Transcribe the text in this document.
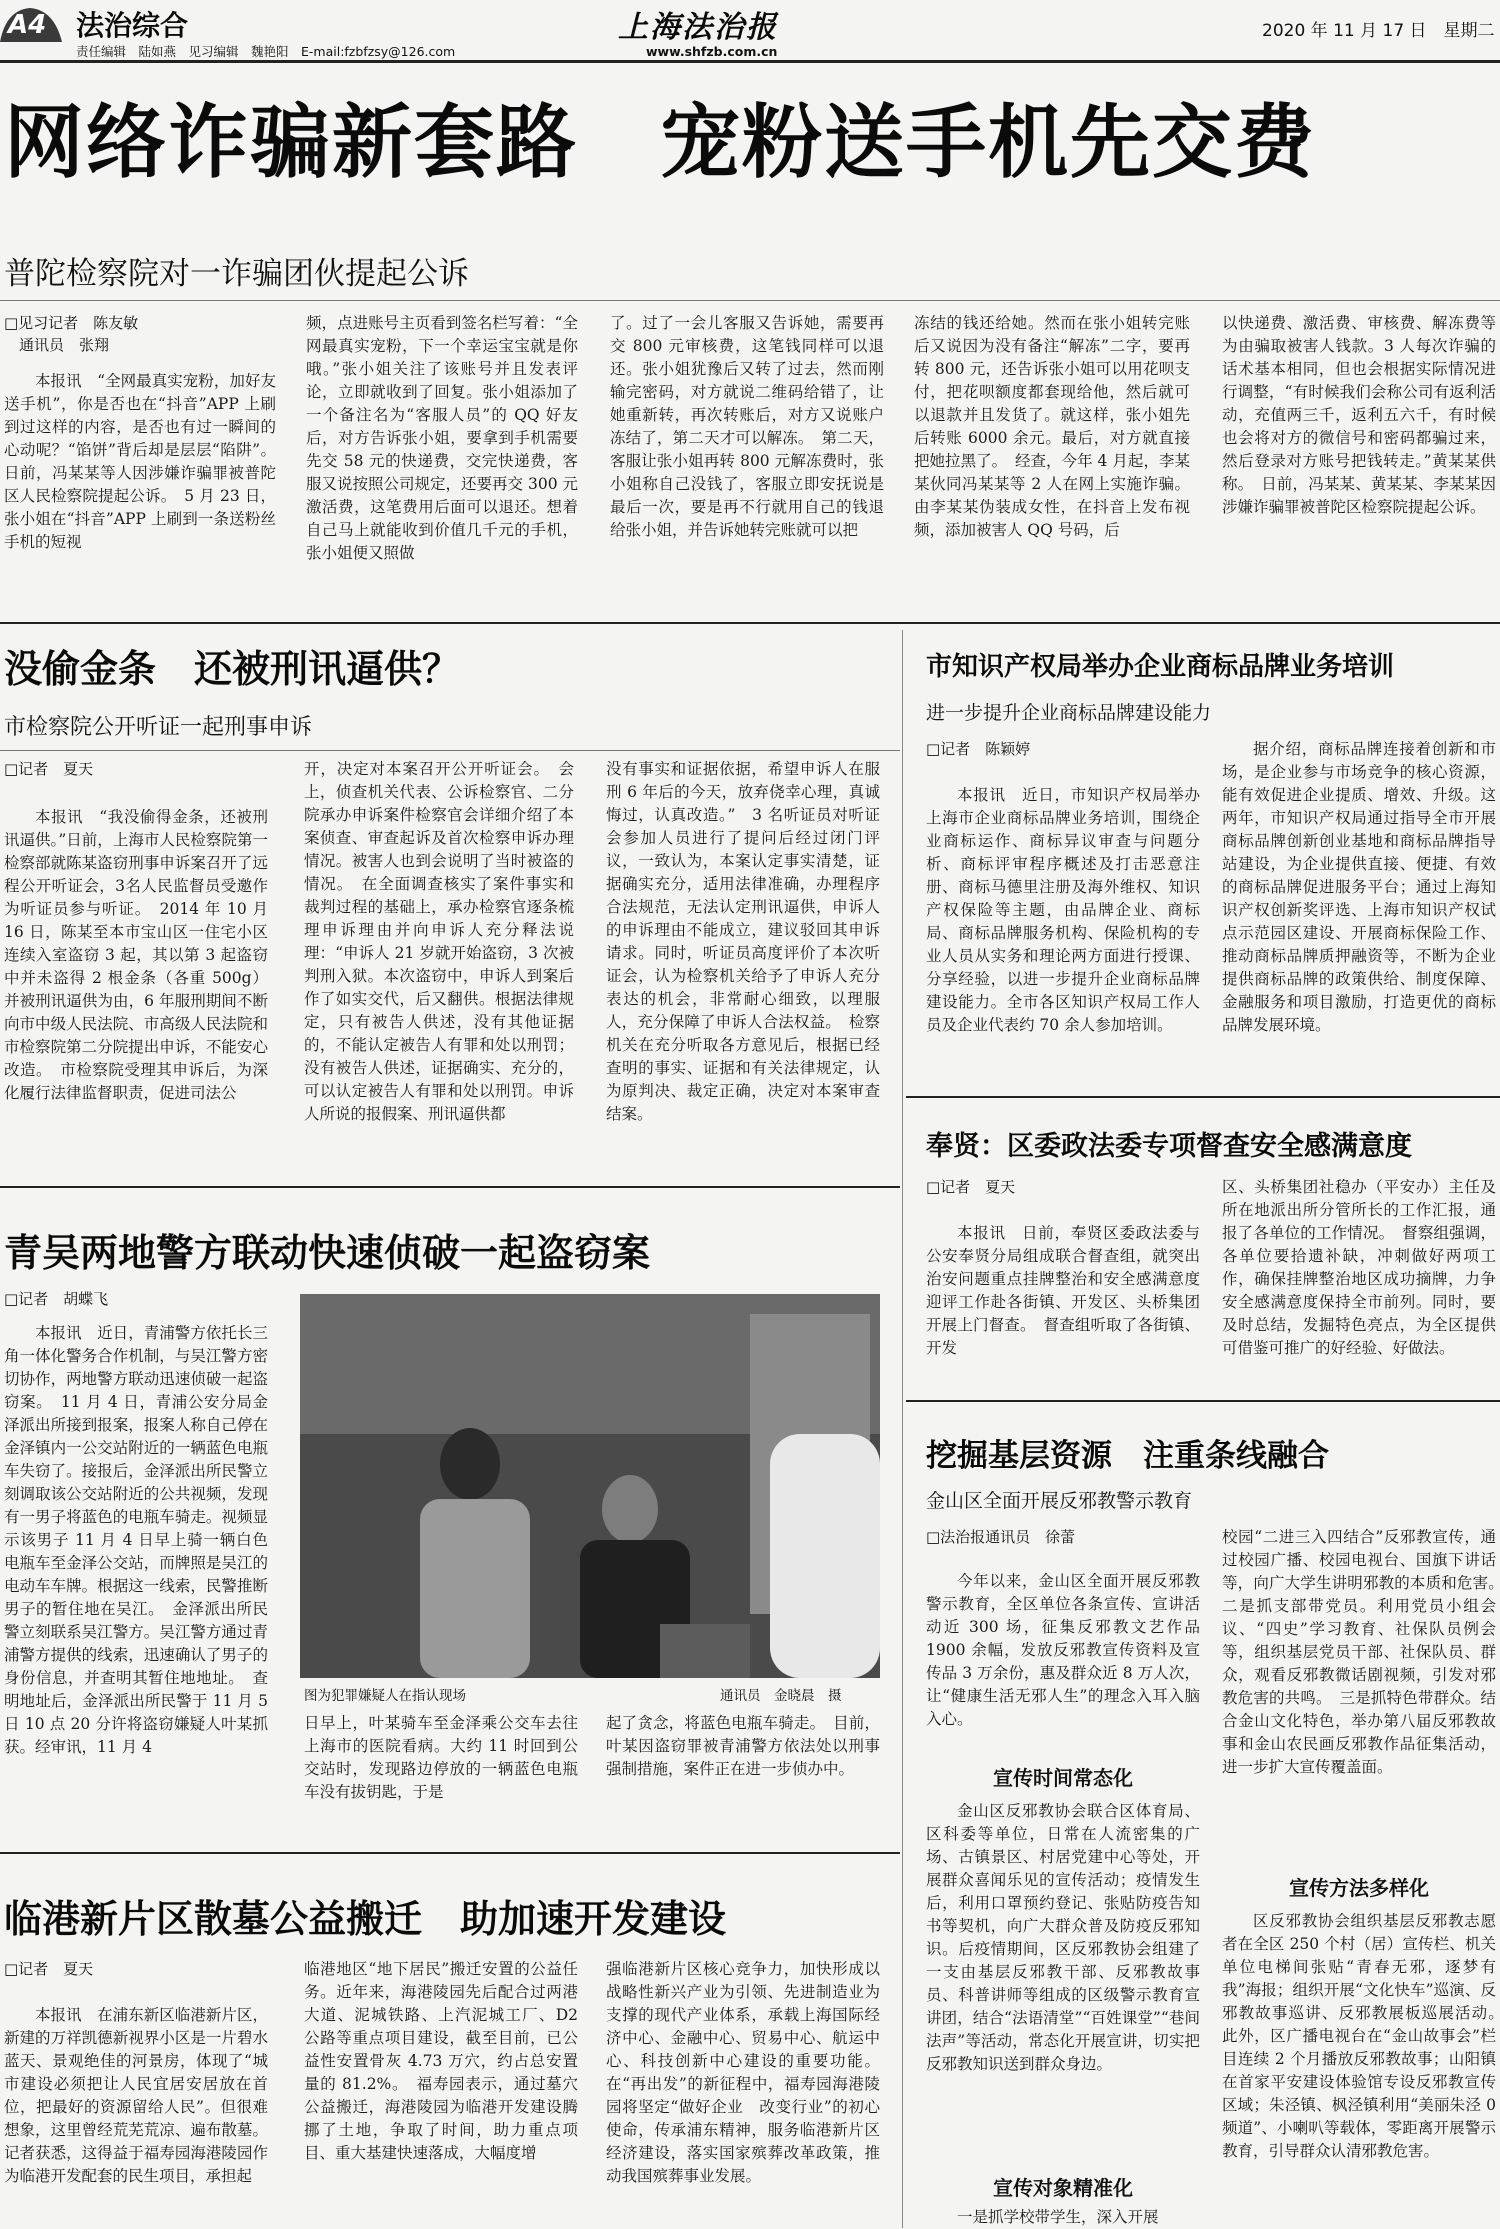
A4 法治综合
责任编辑　陆如燕　见习编辑　魏艳阳　E-mail:fzbfzsy@126.com
上海法治报
www.shfzb.com.cn
2020 年 11 月 17 日　星期二
网络诈骗新套路　宠粉送手机先交费
普陀检察院对一诈骗团伙提起公诉
□见习记者　陈友敏
　通讯员　张翔

本报讯　“全网最真实宠粉，加好友送手机”，你是否也在“抖音”APP 上刷到过这样的内容，是否也有过一瞬间的心动呢？“馅饼”背后却是层层“陷阱”。日前，冯某某等人因涉嫌诈骗罪被普陀区人民检察院提起公诉。　5 月 23 日，张小姐在“抖音”APP 上刷到一条送粉丝手机的短视

频，点进账号主页看到签名栏写着：“全网最真实宠粉，下一个幸运宝宝就是你哦。”张小姐关注了该账号并且发表评论，立即就收到了回复。张小姐添加了一个备注名为“客服人员”的 QQ 好友后，对方告诉张小姐，要拿到手机需要先交 58 元的快递费，交完快递费，客服又说按照公司规定，还要再交 300 元激活费，这笔费用后面可以退还。想着自己马上就能收到价值几千元的手机，张小姐便又照做

了。过了一会儿客服又告诉她，需要再交 800 元审核费，这笔钱同样可以退还。张小姐犹豫后又转了过去，然而刚输完密码，对方就说二维码给错了，让她重新转，再次转账后，对方又说账户冻结了，第二天才可以解冻。　第二天，客服让张小姐再转 800 元解冻费时，张小姐称自己没钱了，客服立即安抚说是最后一次，要是再不行就用自己的钱退给张小姐，并告诉她转完账就可以把

冻结的钱还给她。然而在张小姐转完账后又说因为没有备注“解冻”二字，要再转 800 元，还告诉张小姐可以用花呗支付，把花呗额度都套现给他，然后就可以退款并且发货了。就这样，张小姐先后转账 6000 余元。最后，对方就直接把她拉黑了。　经查，今年 4 月起，李某某伙同冯某某等 2 人在网上实施诈骗。由李某某伪装成女性，在抖音上发布视频，添加被害人 QQ 号码，后

以快递费、激活费、审核费、解冻费等为由骗取被害人钱款。3 人每次诈骗的话术基本相同，但也会根据实际情况进行调整，“有时候我们会称公司有返利活动，充值两三千，返利五六千，有时候也会将对方的微信号和密码都骗过来，然后登录对方账号把钱转走。”黄某某供称。　日前，冯某某、黄某某、李某某因涉嫌诈骗罪被普陀区检察院提起公诉。

没偷金条　还被刑讯逼供？
市检察院公开听证一起刑事申诉
□记者　夏天

本报讯　“我没偷得金条，还被刑讯逼供。”日前，上海市人民检察院第一检察部就陈某盗窃刑事申诉案召开了远程公开听证会，3名人民监督员受邀作为听证员参与听证。　2014 年 10 月 16 日，陈某至本市宝山区一住宅小区连续入室盗窃 3 起，其以第 3 起盗窃中并未盗得 2 根金条（各重 500g）并被刑讯逼供为由，6 年服刑期间不断向市中级人民法院、市高级人民法院和市检察院第二分院提出申诉，不能安心改造。　市检察院受理其申诉后，为深化履行法律监督职责，促进司法公

开，决定对本案召开公开听证会。　会上，侦查机关代表、公诉检察官、二分院承办申诉案件检察官会详细介绍了本案侦查、审查起诉及首次检察申诉办理情况。被害人也到会说明了当时被盗的情况。　在全面调查核实了案件事实和裁判过程的基础上，承办检察官逐条梳理申诉理由并向申诉人充分释法说理：“申诉人 21 岁就开始盗窃，3 次被判刑入狱。本次盗窃中，申诉人到案后作了如实交代，后又翻供。根据法律规定，只有被告人供述，没有其他证据的，不能认定被告人有罪和处以刑罚；没有被告人供述，证据确实、充分的，可以认定被告人有罪和处以刑罚。申诉人所说的报假案、刑讯逼供都

没有事实和证据依据，希望申诉人在服刑 6 年后的今天，放弃侥幸心理，真诚悔过，认真改造。”　3 名听证员对听证会参加人员进行了提问后经过闭门评议，一致认为，本案认定事实清楚，证据确实充分，适用法律准确，办理程序合法规范，无法认定刑讯逼供，申诉人的申诉理由不能成立，建议驳回其申诉请求。同时，听证员高度评价了本次听证会，认为检察机关给予了申诉人充分表达的机会，非常耐心细致，以理服人，充分保障了申诉人合法权益。　检察机关在充分听取各方意见后，根据已经查明的事实、证据和有关法律规定，认为原判决、裁定正确，决定对本案审查结案。

青吴两地警方联动快速侦破一起盗窃案
□记者　胡蝶飞

本报讯　近日，青浦警方依托长三角一体化警务合作机制，与吴江警方密切协作，两地警方联动迅速侦破一起盗窃案。　11 月 4 日，青浦公安分局金泽派出所接到报案，报案人称自己停在金泽镇内一公交站附近的一辆蓝色电瓶车失窃了。接报后，金泽派出所民警立刻调取该公交站附近的公共视频，发现有一男子将蓝色的电瓶车骑走。视频显示该男子 11 月 4 日早上骑一辆白色电瓶车至金泽公交站，而牌照是吴江的电动车车牌。根据这一线索，民警推断男子的暂住地在吴江。　金泽派出所民警立刻联系吴江警方。吴江警方通过青浦警方提供的线索，迅速确认了男子的身份信息，并查明其暂住地地址。　查明地址后，金泽派出所民警于 11 月 5 日 10 点 20 分许将盗窃嫌疑人叶某抓获。经审讯，11 月 4

图为犯罪嫌疑人在指认现场	通讯员　金晓晨　摄

日早上，叶某骑车至金泽乘公交车去往上海市的医院看病。大约 11 时回到公交站时，发现路边停放的一辆蓝色电瓶车没有拔钥匙，于是

起了贪念，将蓝色电瓶车骑走。　目前，叶某因盗窃罪被青浦警方依法处以刑事强制措施，案件正在进一步侦办中。

临港新片区散墓公益搬迁　助加速开发建设
□记者　夏天

本报讯　在浦东新区临港新片区，新建的万祥凯德新视界小区是一片碧水蓝天、景观绝佳的河景房，体现了“城市建设必须把让人民宜居安居放在首位，把最好的资源留给人民”。但很难想象，这里曾经荒芜荒凉、遍布散墓。记者获悉，这得益于福寿园海港陵园作为临港开发配套的民生项目，承担起

临港地区“地下居民”搬迁安置的公益任务。近年来，海港陵园先后配合过两港大道、泥城铁路、上汽泥城工厂、D2 公路等重点项目建设，截至目前，已公益性安置骨灰 4.73 万穴，约占总安置量的 81.2%。　福寿园表示，通过墓穴公益搬迁，海港陵园为临港开发建设腾挪了土地，争取了时间，助力重点项目、重大基建快速落成，大幅度增

强临港新片区核心竞争力，加快形成以战略性新兴产业为引领、先进制造业为支撑的现代产业体系，承载上海国际经济中心、金融中心、贸易中心、航运中心、科技创新中心建设的重要功能。在“再出发”的新征程中，福寿园海港陵园将坚定“做好企业　改变行业”的初心使命，传承浦东精神，服务临港新片区经济建设，落实国家殡葬改革政策，推动我国殡葬事业发展。

市知识产权局举办企业商标品牌业务培训
进一步提升企业商标品牌建设能力
□记者　陈颖婷

本报讯　近日，市知识产权局举办上海市企业商标品牌业务培训，围绕企业商标运作、商标异议审查与问题分析、商标评审程序概述及打击恶意注册、商标马德里注册及海外维权、知识产权保险等主题，由品牌企业、商标局、商标品牌服务机构、保险机构的专业人员从实务和理论两方面进行授课、分享经验，以进一步提升企业商标品牌建设能力。全市各区知识产权局工作人员及企业代表约 70 余人参加培训。

据介绍，商标品牌连接着创新和市场，是企业参与市场竞争的核心资源，能有效促进企业提质、增效、升级。这两年，市知识产权局通过指导全市开展商标品牌创新创业基地和商标品牌指导站建设，为企业提供直接、便捷、有效的商标品牌促进服务平台；通过上海知识产权创新奖评选、上海市知识产权试点示范园区建设、开展商标保险工作、推动商标品牌质押融资等，不断为企业提供商标品牌的政策供给、制度保障、金融服务和项目激励，打造更优的商标品牌发展环境。

奉贤：区委政法委专项督查安全感满意度
□记者　夏天

本报讯　日前，奉贤区委政法委与公安奉贤分局组成联合督查组，就突出治安问题重点挂牌整治和安全感满意度迎评工作赴各街镇、开发区、头桥集团开展上门督查。　督查组听取了各街镇、开发

区、头桥集团社稳办（平安办）主任及所在地派出所分管所长的工作汇报，通报了各单位的工作情况。　督察组强调，各单位要拾遗补缺，冲刺做好两项工作，确保挂牌整治地区成功摘牌，力争安全感满意度保持全市前列。同时，要及时总结，发掘特色亮点，为全区提供可借鉴可推广的好经验、好做法。

挖掘基层资源　注重条线融合
金山区全面开展反邪教警示教育
□法治报通讯员　徐蕾

今年以来，金山区全面开展反邪教警示教育，全区单位各条宣传、宣讲活动近 300 场，征集反邪教文艺作品 1900 余幅，发放反邪教宣传资料及宣传品 3 万余份，惠及群众近 8 万人次，让“健康生活无邪人生”的理念入耳入脑入心。

宣传时间常态化

金山区反邪教协会联合区体育局、区科委等单位，日常在人流密集的广场、古镇景区、村居党建中心等处，开展群众喜闻乐见的宣传活动；疫情发生后，利用口罩预约登记、张贴防疫告知书等契机，向广大群众普及防疫反邪知识。后疫情期间，区反邪教协会组建了一支由基层反邪教干部、反邪教故事员、科普讲师等组成的区级警示教育宣讲团，结合“法语清堂”“百姓课堂”“巷间法声”等活动，常态化开展宣讲，切实把反邪教知识送到群众身边。

宣传对象精准化

一是抓学校带学生，深入开展

校园“二进三入四结合”反邪教宣传，通过校园广播、校园电视台、国旗下讲话等，向广大学生讲明邪教的本质和危害。　二是抓支部带党员。利用党员小组会议、“四史”学习教育、社保队员例会等，组织基层党员干部、社保队员、群众，观看反邪教微话剧视频，引发对邪教危害的共鸣。　三是抓特色带群众。结合金山文化特色，举办第八届反邪教故事和金山农民画反邪教作品征集活动，进一步扩大宣传覆盖面。

宣传方法多样化

区反邪教协会组织基层反邪教志愿者在全区 250 个村（居）宣传栏、机关单位电梯间张贴“青春无邪，逐梦有我”海报；组织开展“文化快车”巡演、反邪教故事巡讲、反邪教展板巡展活动。　此外，区广播电视台在“金山故事会”栏目连续 2 个月播放反邪教故事；山阳镇在首家平安建设体验馆专设反邪教宣传区域；朱泾镇、枫泾镇利用“美丽朱泾 0 频道”、小喇叭等载体，零距离开展警示教育，引导群众认清邪教危害。
